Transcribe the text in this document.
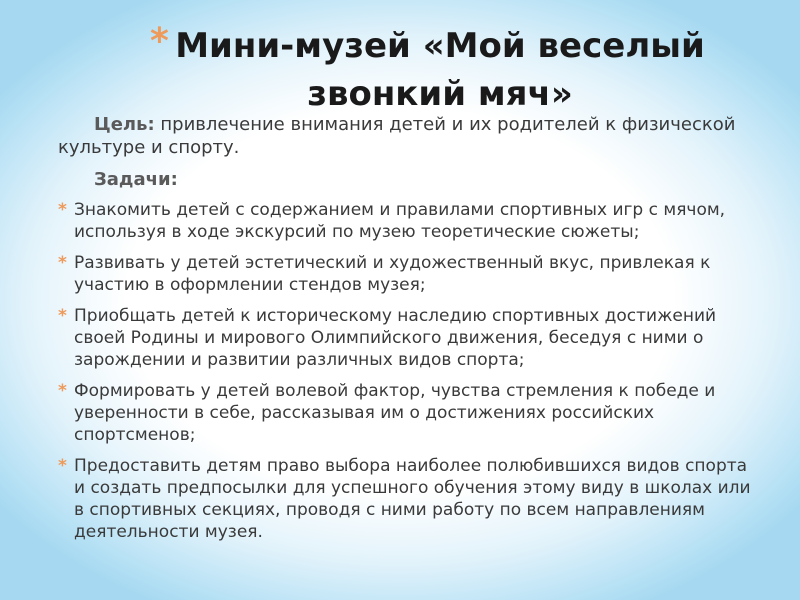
* Мини-музей «Мой веселый
звонкий мяч»
Цель: привлечение внимания детей и их родителей к физической культуре и спорту.
Задачи:
* Знакомить детей с содержанием и правилами спортивных игр с мячом, используя в ходе экскурсий по музею теоретические сюжеты;
* Развивать у детей эстетический и художественный вкус, привлекая к участию в оформлении стендов музея;
* Приобщать детей к историческому наследию спортивных достижений своей Родины и мирового Олимпийского движения, беседуя с ними о зарождении и развитии различных видов спорта;
* Формировать у детей волевой фактор, чувства стремления к победе и уверенности в себе, рассказывая им о достижениях российских спортсменов;
* Предоставить детям право выбора наиболее полюбившихся видов спорта и создать предпосылки для успешного обучения этому виду в школах или в спортивных секциях, проводя с ними работу по всем направлениям деятельности музея.
